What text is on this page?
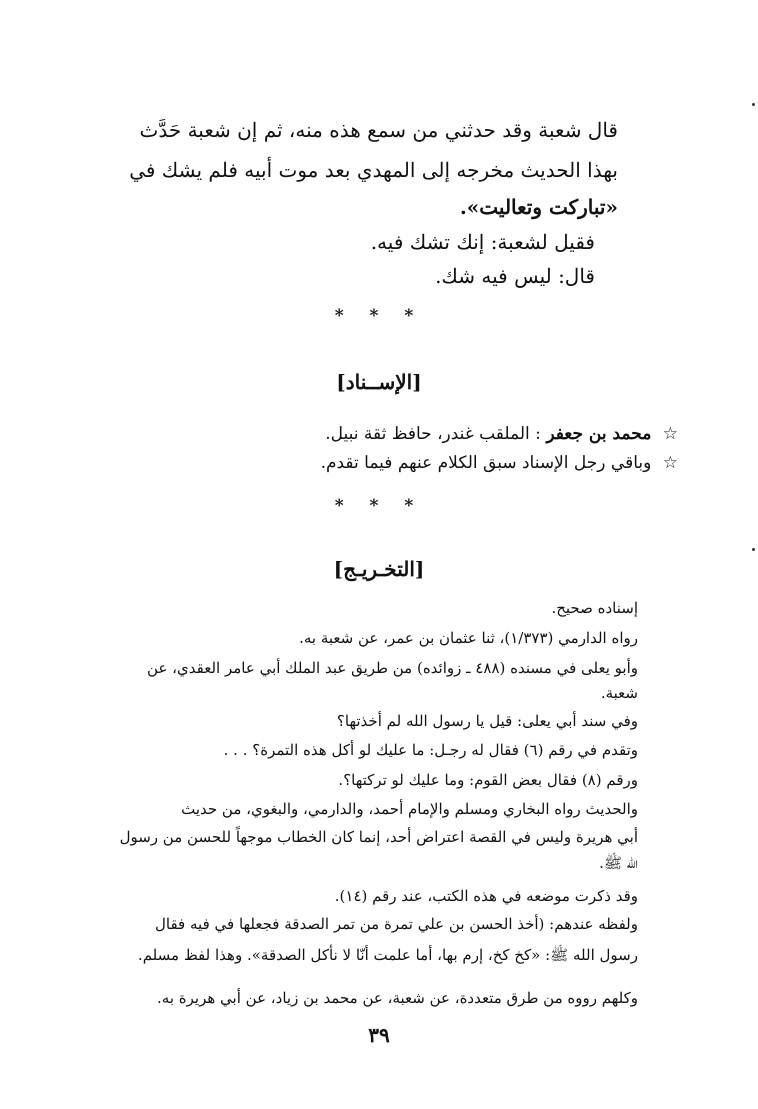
قال شعبة وقد حدثني من سمع هذه منه، ثم إن شعبة حَدَّث
بهذا الحديث مخرجه إلى المهدي بعد موت أبيه فلم يشك في
«تباركت وتعاليت».
فقيل لشعبة: إنك تشك فيه.
قال: ليس فيه شك.
* * *
[الإســناد]
☆ محمد بن جعفر : الملقب غندر، حافظ ثقة نبيل.
☆ وباقي رجل الإسناد سبق الكلام عنهم فيما تقدم.
* * *
[التخـريـج]
إسناده صحيح.
رواه الدارمي (١/٣٧٣)، ثنا عثمان بن عمر، عن شعبة به.
وأبو يعلى في مسنده (٤٨٨ ـ زوائده) من طريق عبد الملك أبي عامر العقدي، عن
شعبة.
وفي سند أبي يعلى: قيل يا رسول الله لم أخذتها؟
وتقدم في رقم (٦) فقال له رجـل: ما عليك لو أكل هذه التمرة؟ . . .
ورقم (٨) فقال بعض القوم: وما عليك لو تركتها؟.
والحديث رواه البخاري ومسلم والإمام أحمد، والدارمي، والبغوي، من حديث
أبي هريرة وليس في القصة اعتراض أحد، إنما كان الخطاب موجهاً للحسن من رسول
الله ﷺ.
وقد ذكرت موضعه في هذه الكتب، عند رقم (١٤).
ولفظه عندهم: (أخذ الحسن بن علي تمرة من تمر الصدقة فجعلها في فيه فقال
رسول الله ﷺ: «كخ كخ، إرم بها، أما علمت أنّا لا نأكل الصدقة». وهذا لفظ مسلم.
وكلهم رووه من طرق متعددة، عن شعبة، عن محمد بن زياد، عن أبي هريرة به.
٣٩
